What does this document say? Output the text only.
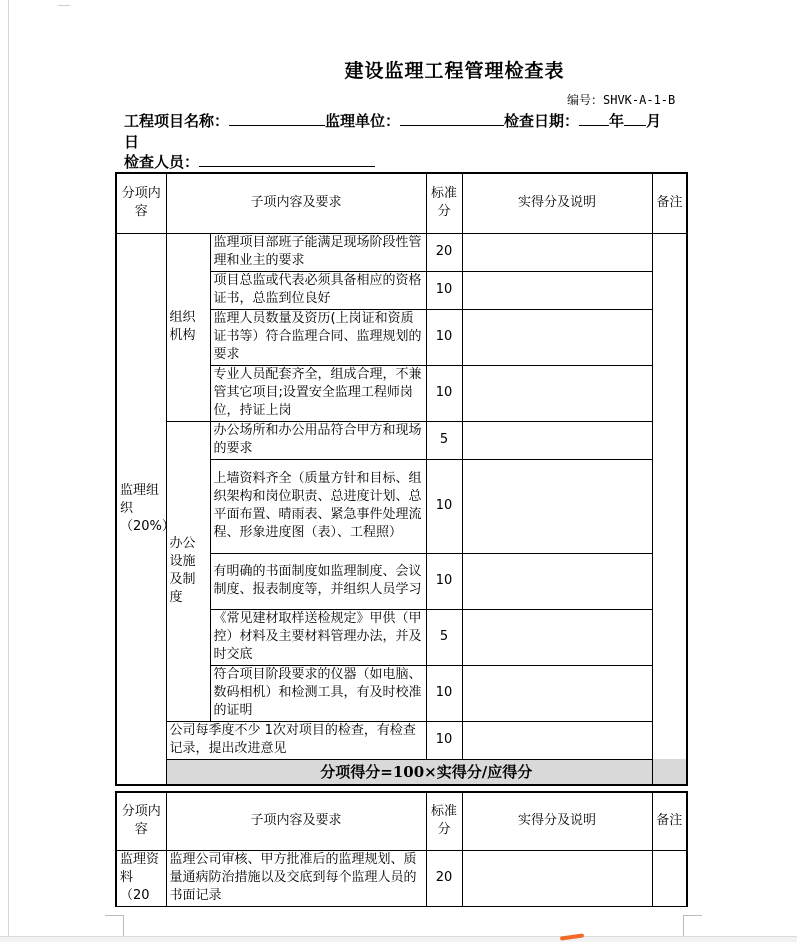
建设监理工程管理检查表
编号：SHVK-A-1-B
工程项目名称：	监理单位：	检查日期： 年 月
日
检查人员：
分项内容	子项内容及要求		标准分	实得分及说明	备注
监理组织（20%）	组织机构	监理项目部班子能满足现场阶段性管理和业主的要求	20		
		项目总监或代表必须具备相应的资格证书，总监到位良好	10		
		监理人员数量及资历(上岗证和资质证书等）符合监理合同、监理规划的要求	10		
		专业人员配套齐全，组成合理，不兼管其它项目;设置安全监理工程师岗位，持证上岗	10		
	办公设施及制度	办公场所和办公用品符合甲方和现场的要求	5		
		上墙资料齐全（质量方针和目标、组织架构和岗位职责、总进度计划、总平面布置、晴雨表、紧急事件处理流程、形象进度图（表）、工程照）	10		
		有明确的书面制度如监理制度、会议制度、报表制度等，并组织人员学习	10		
		《常见建材取样送检规定》甲供（甲控）材料及主要材料管理办法，并及时交底	5		
		符合项目阶段要求的仪器（如电脑、数码相机）和检测工具，有及时校准的证明	10		
	公司每季度不少 1次对项目的检查，有检查记录，提出改进意见		10		
	分项得分=100×实得分/应得分				
分项内容	子项内容及要求	标准分	实得分及说明	备注
监理资料（20	监理公司审核、甲方批准后的监理规划、质量通病防治措施以及交底到每个监理人员的书面记录	20		
